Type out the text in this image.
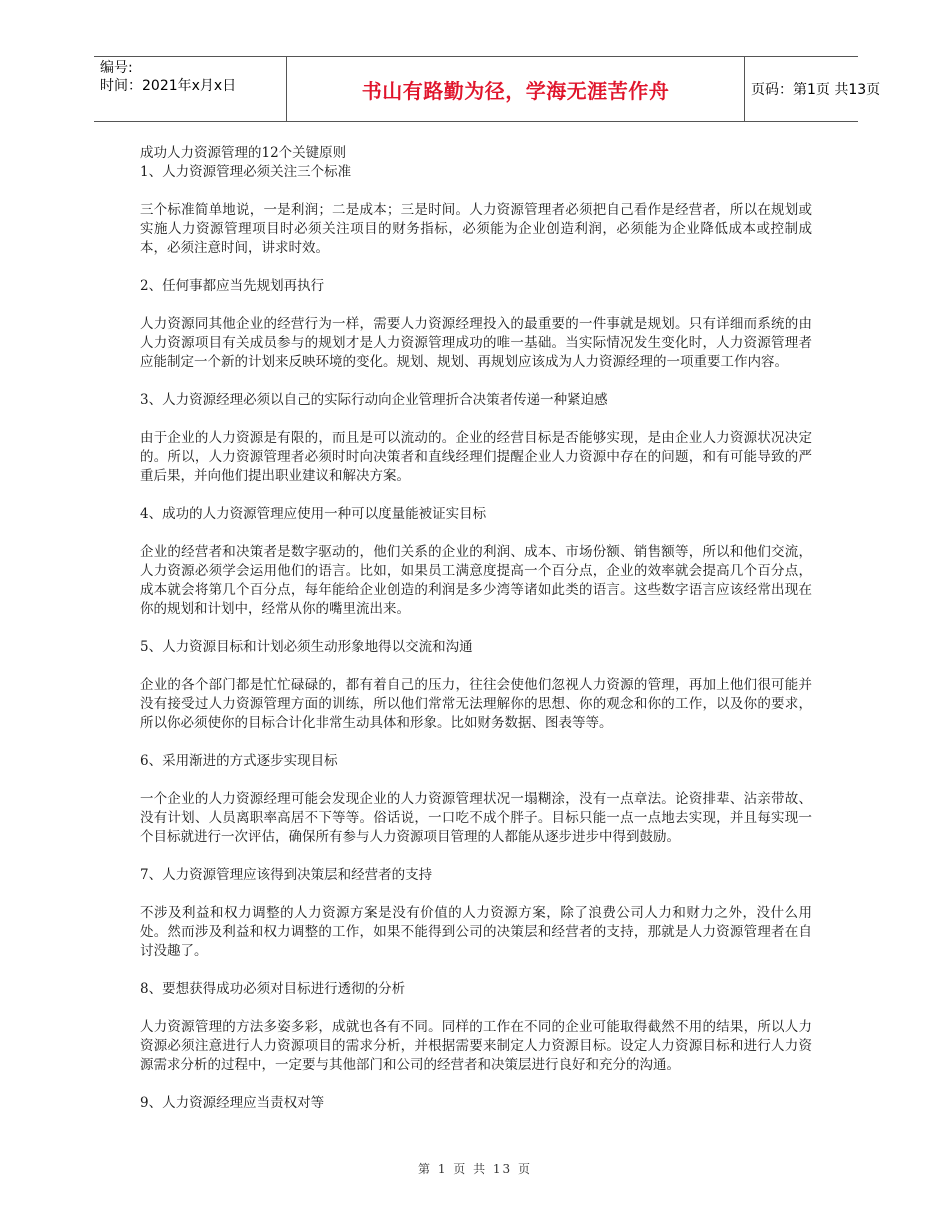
编号:
时间：2021年x月x日	书山有路勤为径，学海无涯苦作舟	页码：第1页 共13页
成功人力资源管理的12个关键原则
1、人力资源管理必须关注三个标准
三个标准简单地说，一是利润；二是成本；三是时间。人力资源管理者必须把自己看作是经营者，所以在规划或实施人力资源管理项目时必须关注项目的财务指标，必须能为企业创造利润，必须能为企业降低成本或控制成本，必须注意时间，讲求时效。
2、任何事都应当先规划再执行
人力资源同其他企业的经营行为一样，需要人力资源经理投入的最重要的一件事就是规划。只有详细而系统的由人力资源项目有关成员参与的规划才是人力资源管理成功的唯一基础。当实际情况发生变化时，人力资源管理者应能制定一个新的计划来反映环境的变化。规划、规划、再规划应该成为人力资源经理的一项重要工作内容。
3、人力资源经理必须以自己的实际行动向企业管理折合决策者传递一种紧迫感
由于企业的人力资源是有限的，而且是可以流动的。企业的经营目标是否能够实现，是由企业人力资源状况决定的。所以，人力资源管理者必须时时向决策者和直线经理们提醒企业人力资源中存在的问题，和有可能导致的严重后果，并向他们提出职业建议和解决方案。
4、成功的人力资源管理应使用一种可以度量能被证实目标
企业的经营者和决策者是数字驱动的，他们关系的企业的利润、成本、市场份额、销售额等，所以和他们交流，人力资源必须学会运用他们的语言。比如，如果员工满意度提高一个百分点，企业的效率就会提高几个百分点，成本就会将第几个百分点，每年能给企业创造的利润是多少湾等诸如此类的语言。这些数字语言应该经常出现在你的规划和计划中，经常从你的嘴里流出来。
5、人力资源目标和计划必须生动形象地得以交流和沟通
企业的各个部门都是忙忙碌碌的，都有着自己的压力，往往会使他们忽视人力资源的管理，再加上他们很可能并没有接受过人力资源管理方面的训练，所以他们常常无法理解你的思想、你的观念和你的工作，以及你的要求，所以你必须使你的目标合计化非常生动具体和形象。比如财务数据、图表等等。
6、采用渐进的方式逐步实现目标
一个企业的人力资源经理可能会发现企业的人力资源管理状况一塌糊涂，没有一点章法。论资排辈、沾亲带故、没有计划、人员离职率高居不下等等。俗话说，一口吃不成个胖子。目标只能一点一点地去实现，并且每实现一个目标就进行一次评估，确保所有参与人力资源项目管理的人都能从逐步进步中得到鼓励。
7、人力资源管理应该得到决策层和经营者的支持
不涉及利益和权力调整的人力资源方案是没有价值的人力资源方案，除了浪费公司人力和财力之外，没什么用处。然而涉及利益和权力调整的工作，如果不能得到公司的决策层和经营者的支持，那就是人力资源管理者在自讨没趣了。
8、要想获得成功必须对目标进行透彻的分析
人力资源管理的方法多姿多彩，成就也各有不同。同样的工作在不同的企业可能取得截然不用的结果，所以人力资源必须注意进行人力资源项目的需求分析，并根据需要来制定人力资源目标。设定人力资源目标和进行人力资源需求分析的过程中，一定要与其他部门和公司的经营者和决策层进行良好和充分的沟通。
9、人力资源经理应当责权对等
第 1 页 共 13 页
